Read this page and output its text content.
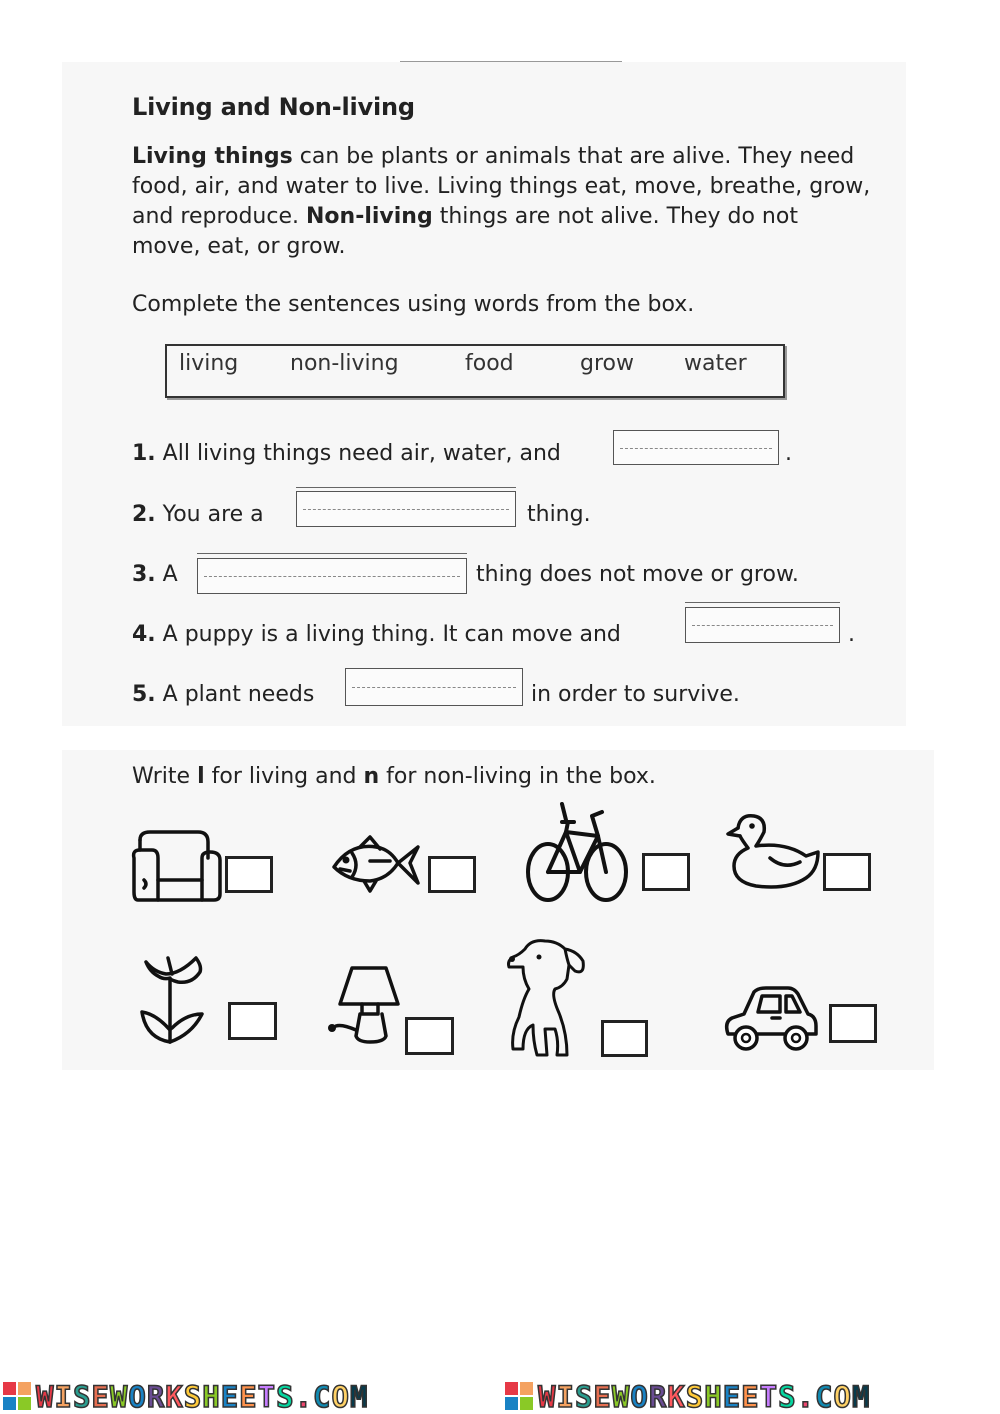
Living and Non-living
Living things can be plants or animals that are alive. They need food, air, and water to live. Living things eat, move, breathe, grow, and reproduce. Non-living things are not alive. They do not move, eat, or grow.
Complete the sentences using words from the box.
living non-living	food	grow water
1. All living things need air, water, and	.
2. You are a	thing.
3. A	thing does not move or grow.
4. A puppy is a living thing. It can move and	.
5. A plant needs	in order to survive.
Write l for living and n for non-living in the box.
WISEWORKSHEETS.COM	WISEWORKSHEETS.COM
